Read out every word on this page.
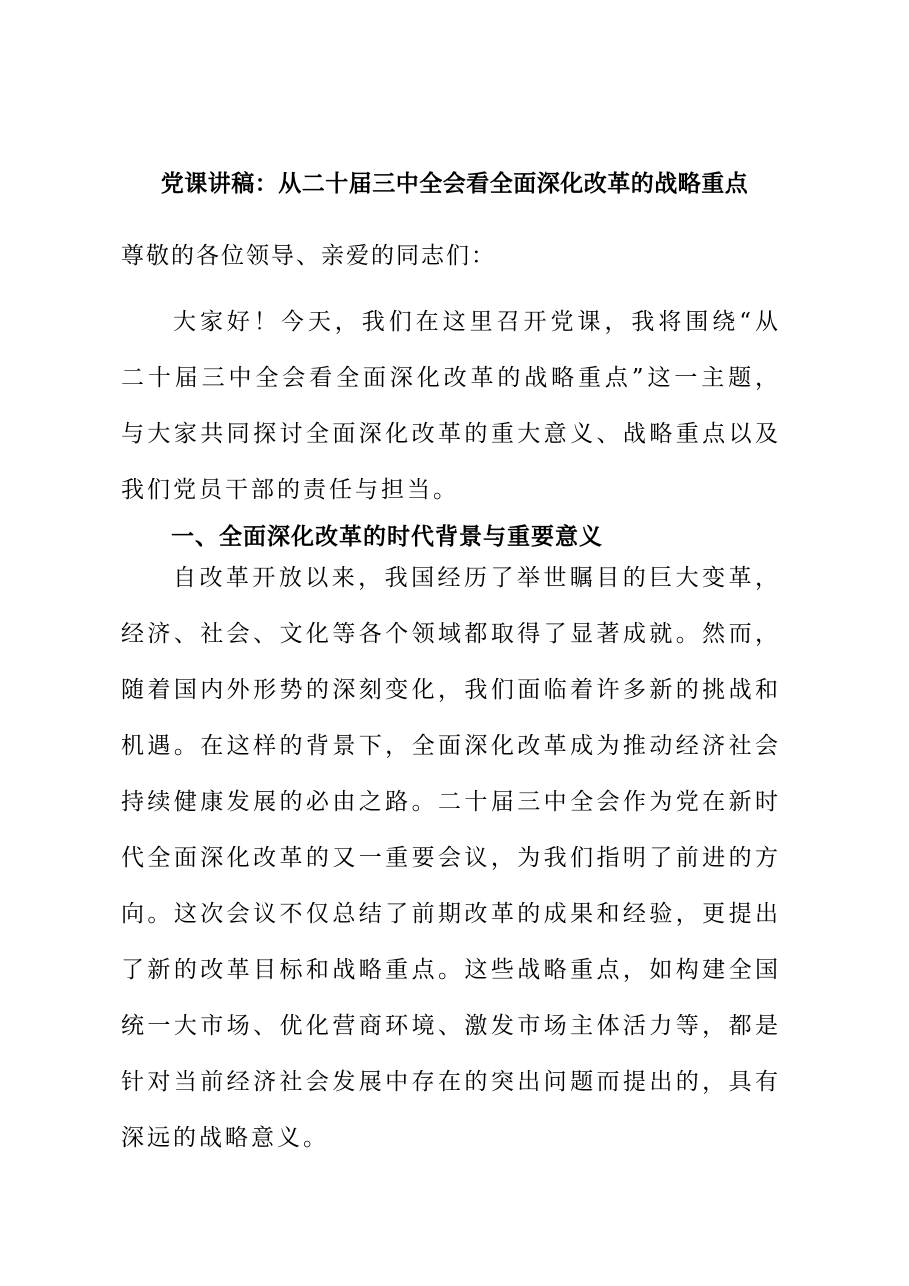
党课讲稿：从二十届三中全会看全面深化改革的战略重点
尊敬的各位领导、亲爱的同志们：

大家好！今天，我们在这里召开党课，我将围绕“从二十届三中全会看全面深化改革的战略重点”这一主题，与大家共同探讨全面深化改革的重大意义、战略重点以及我们党员干部的责任与担当。

一、全面深化改革的时代背景与重要意义

自改革开放以来，我国经历了举世瞩目的巨大变革，经济、社会、文化等各个领域都取得了显著成就。然而，随着国内外形势的深刻变化，我们面临着许多新的挑战和机遇。在这样的背景下，全面深化改革成为推动经济社会持续健康发展的必由之路。二十届三中全会作为党在新时代全面深化改革的又一重要会议，为我们指明了前进的方向。这次会议不仅总结了前期改革的成果和经验，更提出了新的改革目标和战略重点。这些战略重点，如构建全国统一大市场、优化营商环境、激发市场主体活力等，都是针对当前经济社会发展中存在的突出问题而提出的，具有深远的战略意义。
